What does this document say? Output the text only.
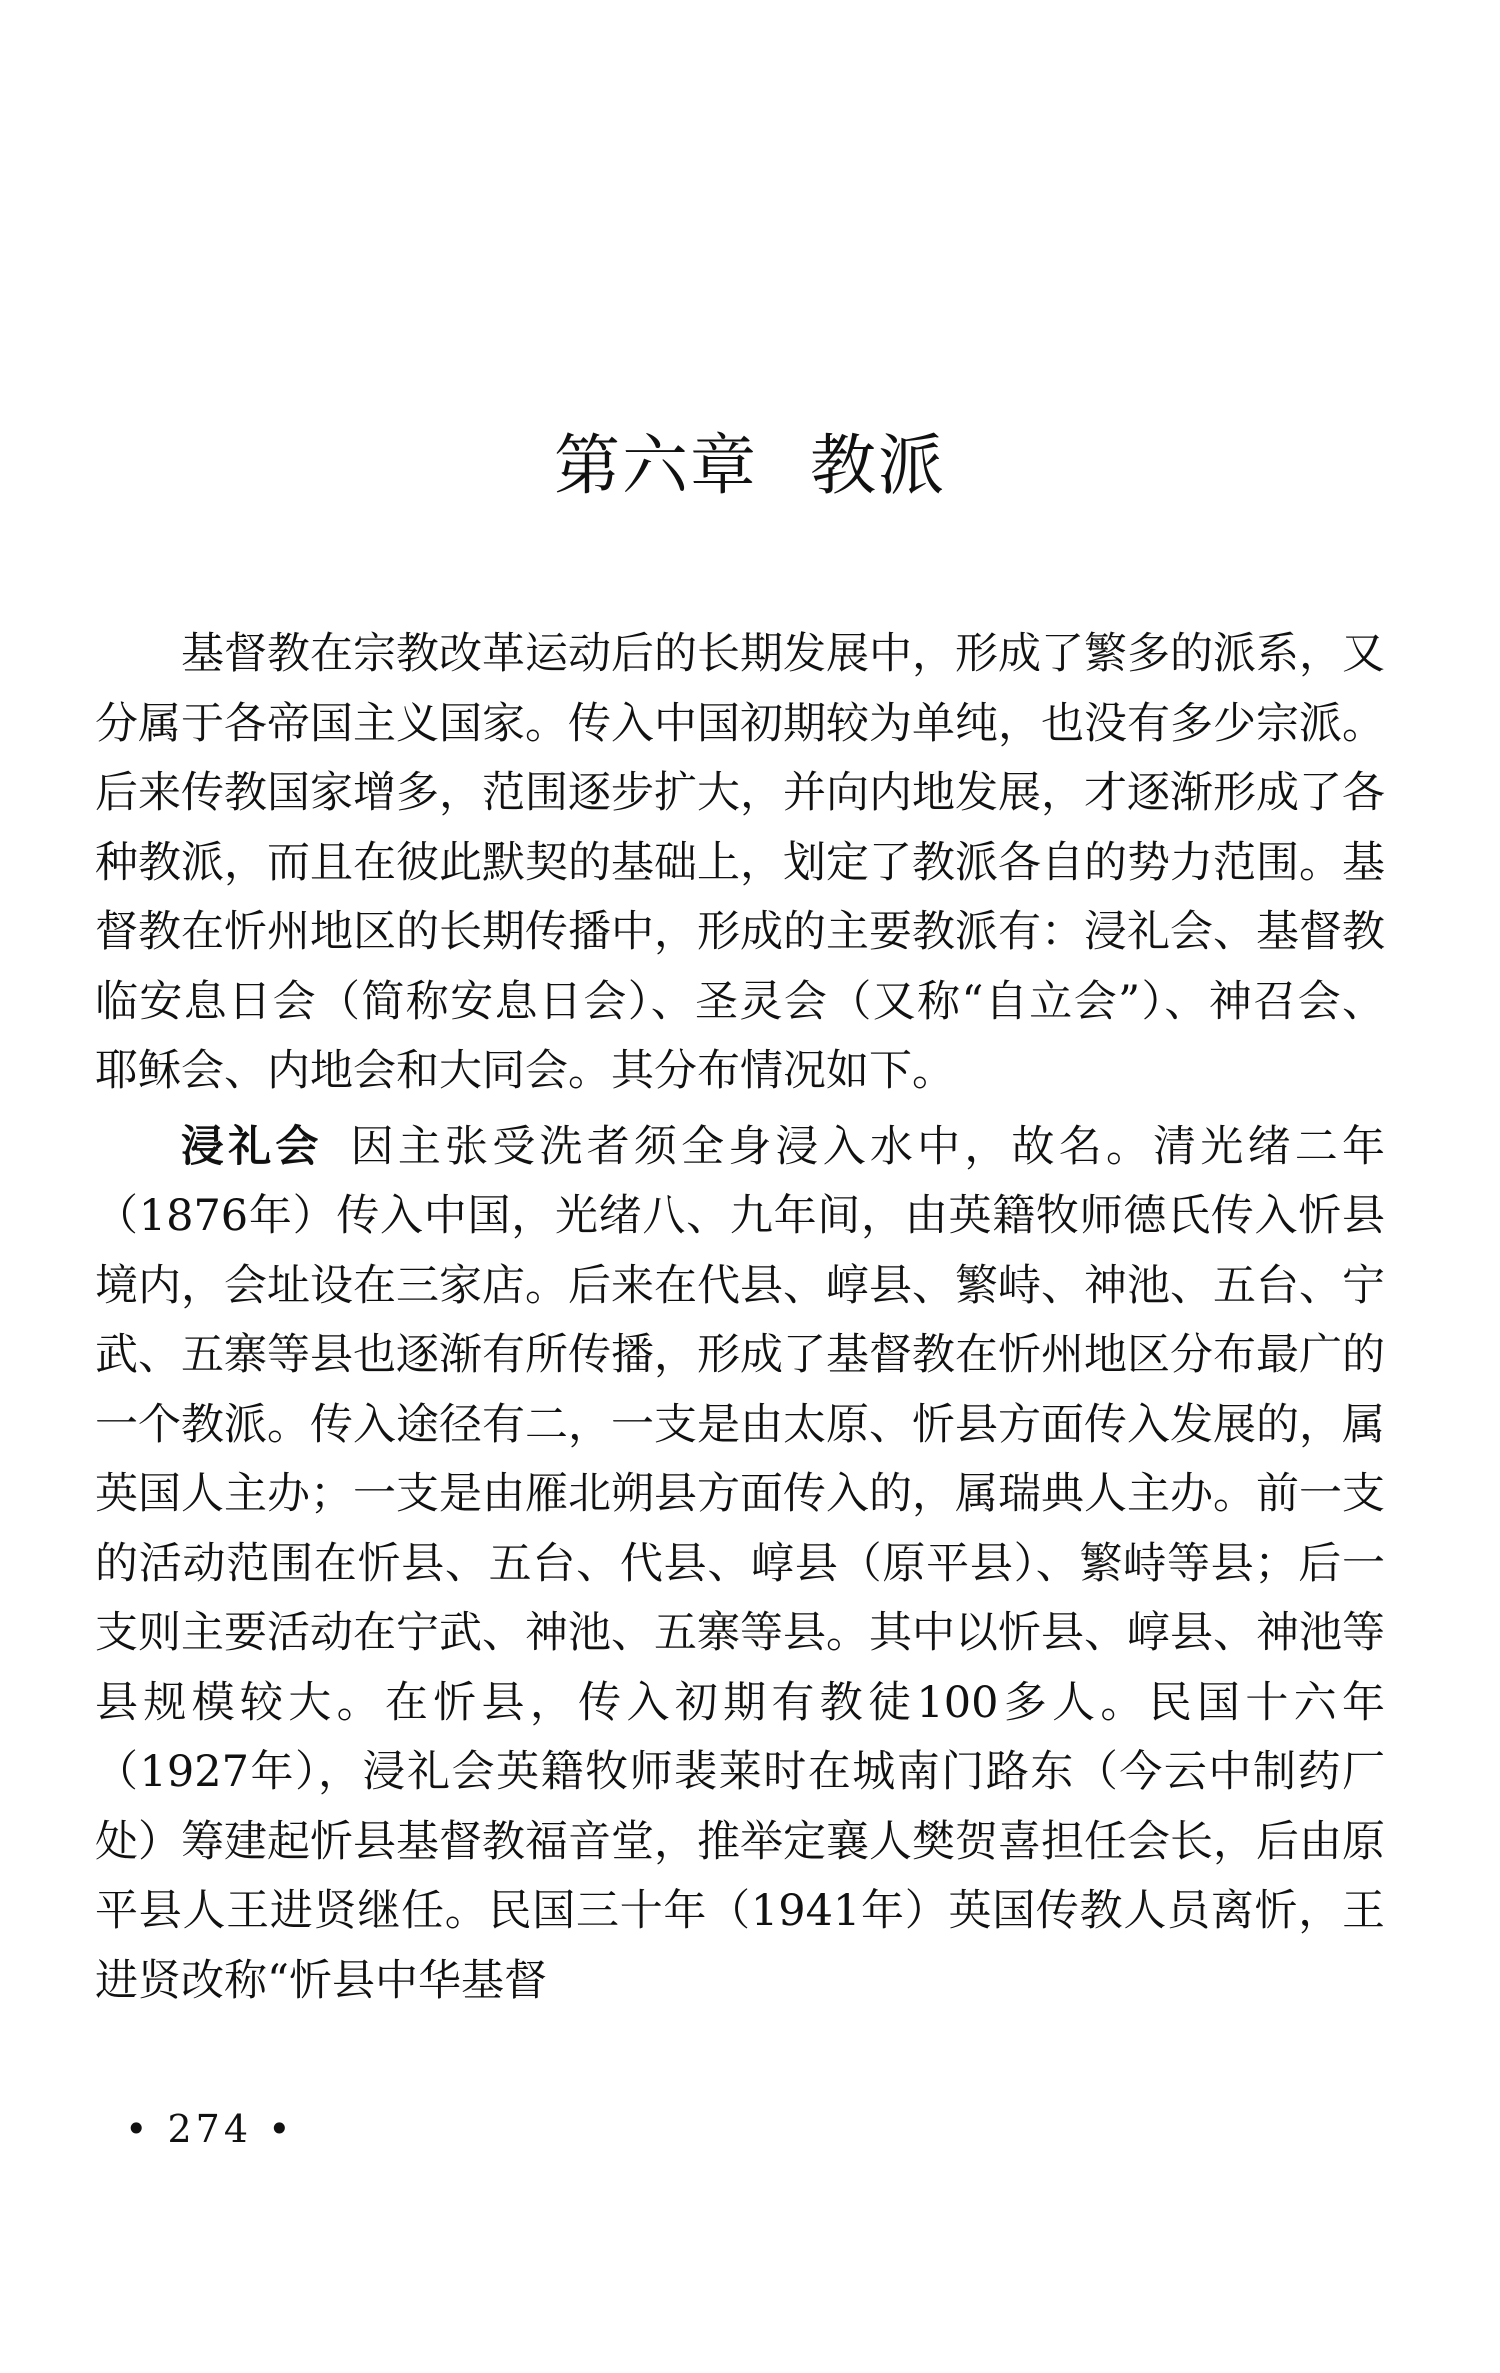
第六章 教派

基督教在宗教改革运动后的长期发展中，形成了繁多的派系，又分属于各帝国主义国家。传入中国初期较为单纯，也没有多少宗派。后来传教国家增多，范围逐步扩大，并向内地发展，才逐渐形成了各种教派，而且在彼此默契的基础上，划定了教派各自的势力范围。基督教在忻州地区的长期传播中，形成的主要教派有：浸礼会、基督教临安息日会（简称安息日会）、圣灵会（又称“自立会”）、神召会、耶稣会、内地会和大同会。其分布情况如下。

浸礼会 因主张受洗者须全身浸入水中，故名。清光绪二年（1876年）传入中国，光绪八、九年间，由英籍牧师德氏传入忻县境内，会址设在三家店。后来在代县、崞县、繁峙、神池、五台、宁武、五寨等县也逐渐有所传播，形成了基督教在忻州地区分布最广的一个教派。传入途径有二，一支是由太原、忻县方面传入发展的，属英国人主办；一支是由雁北朔县方面传入的，属瑞典人主办。前一支的活动范围在忻县、五台、代县、崞县（原平县）、繁峙等县；后一支则主要活动在宁武、神池、五寨等县。其中以忻县、崞县、神池等县规模较大。在忻县，传入初期有教徒100多人。民国十六年（1927年），浸礼会英籍牧师裴莱时在城南门路东（今云中制药厂处）筹建起忻县基督教福音堂，推举定襄人樊贺喜担任会长，后由原平县人王进贤继任。民国三十年（1941年）英国传教人员离忻，王进贤改称“忻县中华基督

• 274 •
